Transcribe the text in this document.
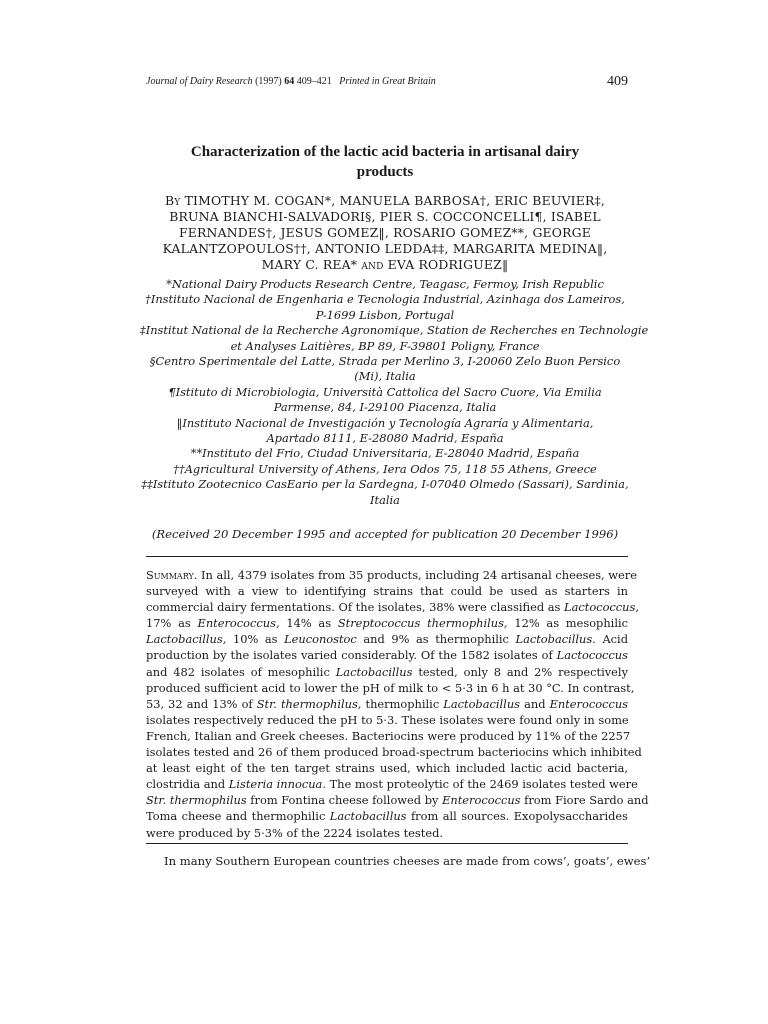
Journal of Dairy Research (1997) 64 409–421 Printed in Great Britain	409
Characterization of the lactic acid bacteria in artisanal dairy
products
By TIMOTHY M. COGAN*, MANUELA BARBOSA†, ERIC BEUVIER‡,
BRUNA BIANCHI-SALVADORI§, PIER S. COCCONCELLI¶, ISABEL
FERNANDES†, JESUS GOMEZ‖, ROSARIO GOMEZ**, GEORGE
KALANTZOPOULOS††, ANTONIO LEDDA‡‡, MARGARITA MEDINA‖,
MARY C. REA* and EVA RODRIGUEZ‖
*National Dairy Products Research Centre, Teagasc, Fermoy, Irish Republic
†Instituto Nacional de Engenharia e Tecnologia Industrial, Azinhaga dos Lameiros,
P-1699 Lisbon, Portugal
‡Institut National de la Recherche Agronomique, Station de Recherches en Technologie
et Analyses Laitières, BP 89, F-39801 Poligny, France
§Centro Sperimentale del Latte, Strada per Merlino 3, I-20060 Zelo Buon Persico
(Mi), Italia
¶Istituto di Microbiologia, Università Cattolica del Sacro Cuore, Via Emilia
Parmense, 84, I-29100 Piacenza, Italia
‖Instituto Nacional de Investigación y Tecnología Agraría y Alimentaria,
Apartado 8111, E-28080 Madrid, España
**Instituto del Frio, Ciudad Universitaria, E-28040 Madrid, España
††Agricultural University of Athens, Iera Odos 75, 118 55 Athens, Greece
‡‡Istituto Zootecnico CasEario per la Sardegna, I-07040 Olmedo (Sassari), Sardinia,
Italia
(Received 20 December 1995 and accepted for publication 20 December 1996)
Summary. In all, 4379 isolates from 35 products, including 24 artisanal cheeses, were
surveyed with a view to identifying strains that could be used as starters in
commercial dairy fermentations. Of the isolates, 38% were classified as Lactococcus,
17% as Enterococcus, 14% as Streptococcus thermophilus, 12% as mesophilic
Lactobacillus, 10% as Leuconostoc and 9% as thermophilic Lactobacillus. Acid
production by the isolates varied considerably. Of the 1582 isolates of Lactococcus
and 482 isolates of mesophilic Lactobacillus tested, only 8 and 2% respectively
produced sufficient acid to lower the pH of milk to < 5·3 in 6 h at 30 °C. In contrast,
53, 32 and 13% of Str. thermophilus, thermophilic Lactobacillus and Enterococcus
isolates respectively reduced the pH to 5·3. These isolates were found only in some
French, Italian and Greek cheeses. Bacteriocins were produced by 11% of the 2257
isolates tested and 26 of them produced broad-spectrum bacteriocins which inhibited
at least eight of the ten target strains used, which included lactic acid bacteria,
clostridia and Listeria innocua. The most proteolytic of the 2469 isolates tested were
Str. thermophilus from Fontina cheese followed by Enterococcus from Fiore Sardo and
Toma cheese and thermophilic Lactobacillus from all sources. Exopolysaccharides
were produced by 5·3% of the 2224 isolates tested.
In many Southern European countries cheeses are made from cows’, goats’, ewes’
